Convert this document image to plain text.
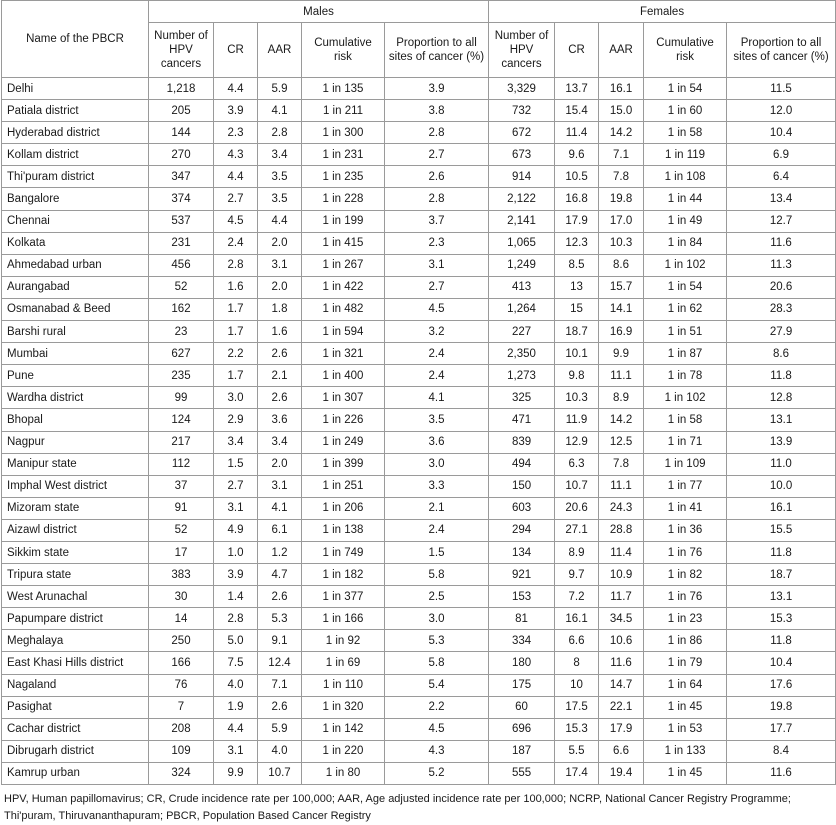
Name of the PBCR	Males					Females				
	Number of HPV cancers	CR	AAR	Cumulative risk	Proportion to all sites of cancer (%)	Number of HPV cancers	CR	AAR	Cumulative risk	Proportion to all sites of cancer (%)
Delhi	1,218	4.4	5.9	1 in 135	3.9	3,329	13.7	16.1	1 in 54	11.5
Patiala district	205	3.9	4.1	1 in 211	3.8	732	15.4	15.0	1 in 60	12.0
Hyderabad district	144	2.3	2.8	1 in 300	2.8	672	11.4	14.2	1 in 58	10.4
Kollam district	270	4.3	3.4	1 in 231	2.7	673	9.6	7.1	1 in 119	6.9
Thi'puram district	347	4.4	3.5	1 in 235	2.6	914	10.5	7.8	1 in 108	6.4
Bangalore	374	2.7	3.5	1 in 228	2.8	2,122	16.8	19.8	1 in 44	13.4
Chennai	537	4.5	4.4	1 in 199	3.7	2,141	17.9	17.0	1 in 49	12.7
Kolkata	231	2.4	2.0	1 in 415	2.3	1,065	12.3	10.3	1 in 84	11.6
Ahmedabad urban	456	2.8	3.1	1 in 267	3.1	1,249	8.5	8.6	1 in 102	11.3
Aurangabad	52	1.6	2.0	1 in 422	2.7	413	13	15.7	1 in 54	20.6
Osmanabad & Beed	162	1.7	1.8	1 in 482	4.5	1,264	15	14.1	1 in 62	28.3
Barshi rural	23	1.7	1.6	1 in 594	3.2	227	18.7	16.9	1 in 51	27.9
Mumbai	627	2.2	2.6	1 in 321	2.4	2,350	10.1	9.9	1 in 87	8.6
Pune	235	1.7	2.1	1 in 400	2.4	1,273	9.8	11.1	1 in 78	11.8
Wardha district	99	3.0	2.6	1 in 307	4.1	325	10.3	8.9	1 in 102	12.8
Bhopal	124	2.9	3.6	1 in 226	3.5	471	11.9	14.2	1 in 58	13.1
Nagpur	217	3.4	3.4	1 in 249	3.6	839	12.9	12.5	1 in 71	13.9
Manipur state	112	1.5	2.0	1 in 399	3.0	494	6.3	7.8	1 in 109	11.0
Imphal West district	37	2.7	3.1	1 in 251	3.3	150	10.7	11.1	1 in 77	10.0
Mizoram state	91	3.1	4.1	1 in 206	2.1	603	20.6	24.3	1 in 41	16.1
Aizawl district	52	4.9	6.1	1 in 138	2.4	294	27.1	28.8	1 in 36	15.5
Sikkim state	17	1.0	1.2	1 in 749	1.5	134	8.9	11.4	1 in 76	11.8
Tripura state	383	3.9	4.7	1 in 182	5.8	921	9.7	10.9	1 in 82	18.7
West Arunachal	30	1.4	2.6	1 in 377	2.5	153	7.2	11.7	1 in 76	13.1
Papumpare district	14	2.8	5.3	1 in 166	3.0	81	16.1	34.5	1 in 23	15.3
Meghalaya	250	5.0	9.1	1 in 92	5.3	334	6.6	10.6	1 in 86	11.8
East Khasi Hills district	166	7.5	12.4	1 in 69	5.8	180	8	11.6	1 in 79	10.4
Nagaland	76	4.0	7.1	1 in 110	5.4	175	10	14.7	1 in 64	17.6
Pasighat	7	1.9	2.6	1 in 320	2.2	60	17.5	22.1	1 in 45	19.8
Cachar district	208	4.4	5.9	1 in 142	4.5	696	15.3	17.9	1 in 53	17.7
Dibrugarh district	109	3.1	4.0	1 in 220	4.3	187	5.5	6.6	1 in 133	8.4
Kamrup urban	324	9.9	10.7	1 in 80	5.2	555	17.4	19.4	1 in 45	11.6
HPV, Human papillomavirus; CR, Crude incidence rate per 100,000; AAR, Age adjusted incidence rate per 100,000; NCRP, National Cancer Registry Programme; Thi'puram, Thiruvananthapuram; PBCR, Population Based Cancer Registry
